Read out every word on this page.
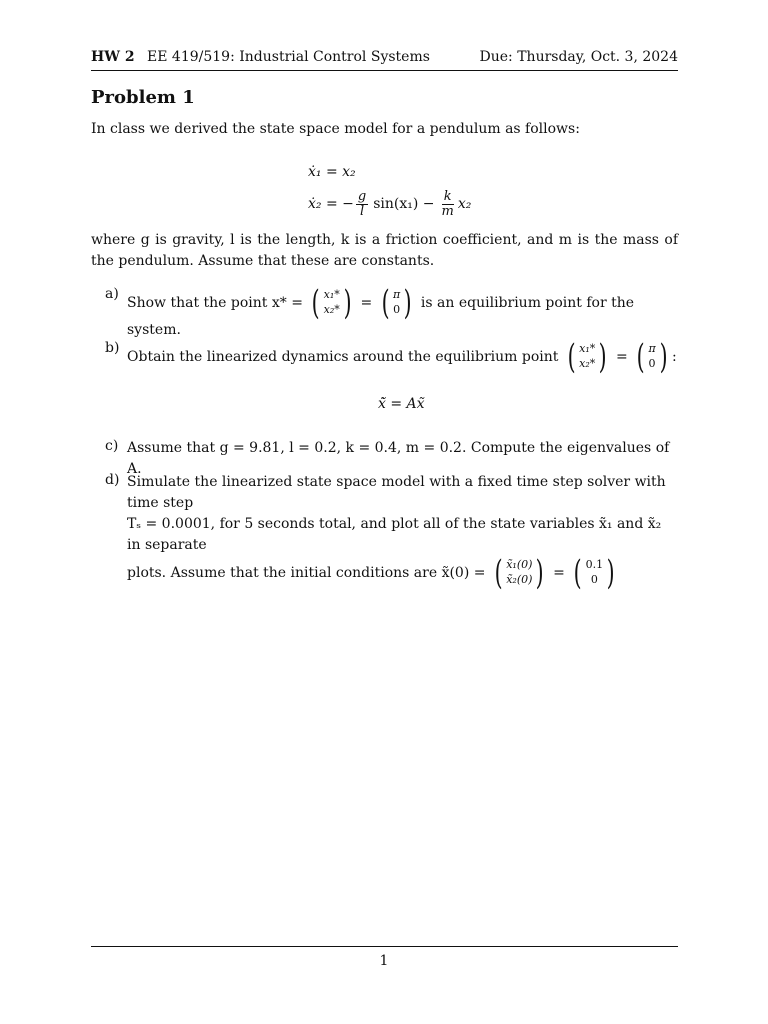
HW 2 EE 419/519: Industrial Control Systems	Due: Thursday, Oct. 3, 2024
Problem 1

In class we derived the state space model for a pendulum as follows:

ẋ₁ = x₂
ẋ₂ = − $\frac{g}{l} \sin(x_1) - \frac{k}{m} x_2$

where g is gravity, l is the length, k is a friction coefficient, and m is the mass of the pendulum. Assume that these are constants.

a)
Show that the point x* = ( x₁*
x₂* ) = ( π
0 ) is an equilibrium point for the system.
b)
Obtain the linearized dynamics around the equilibrium point ( x₁*
x₂* ) = ( π
0 ) :
x̃̇ = Ax̃
c) Assume that g = 9.81, l = 0.2, k = 0.4, m = 0.2. Compute the eigenvalues of A.
d) Simulate the linearized state space model with a fixed time step solver with time step
Tₛ = 0.0001, for 5 seconds total, and plot all of the state variables x̃₁ and x̃₂ in separate
plots. Assume that the initial conditions are x̃(0) = ( x̃₁(0)
x̃₂(0) ) = ( 0.1
0 )
1
